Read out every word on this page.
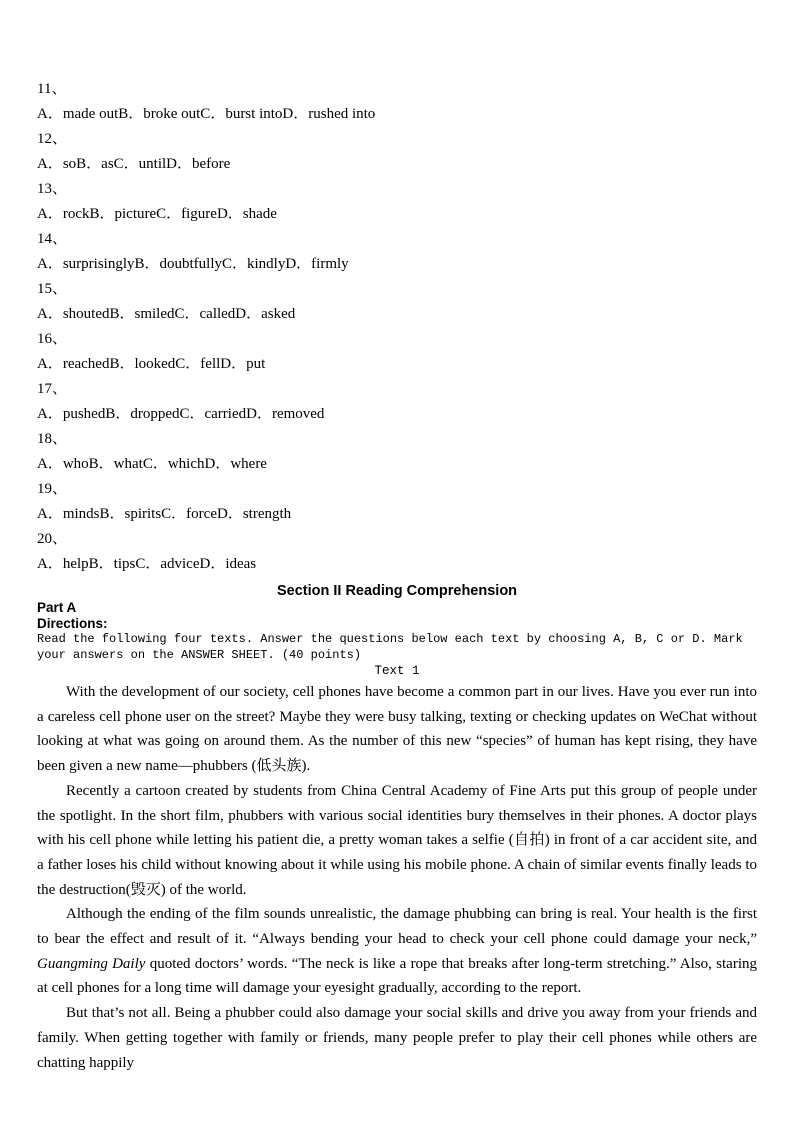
11、
A．made outB．broke outC．burst intoD．rushed into
12、
A．soB．asC．untilD．before
13、
A．rockB．pictureC．figureD．shade
14、
A．surprisinglyB．doubtfullyC．kindlyD．firmly
15、
A．shoutedB．smiledC．calledD．asked
16、
A．reachedB．lookedC．fellD．put
17、
A．pushedB．droppedC．carriedD．removed
18、
A．whoB．whatC．whichD．where
19、
A．mindsB．spiritsC．forceD．strength
20、
A．helpB．tipsC．adviceD．ideas
Section II Reading Comprehension
Part A
Directions:
Read the following four texts. Answer the questions below each text by choosing A, B, C or D. Mark your answers on the ANSWER SHEET. (40 points)
Text 1

With the development of our society, cell phones have become a common part in our lives. Have you ever run into a careless cell phone user on the street? Maybe they were busy talking, texting or checking updates on WeChat without looking at what was going on around them. As the number of this new “species” of human has kept rising, they have been given a new name—phubbers (低头族).

Recently a cartoon created by students from China Central Academy of Fine Arts put this group of people under the spotlight. In the short film, phubbers with various social identities bury themselves in their phones. A doctor plays with his cell phone while letting his patient die, a pretty woman takes a selfie (自拍) in front of a car accident site, and a father loses his child without knowing about it while using his mobile phone. A chain of similar events finally leads to the destruction(毁灭) of the world.

Although the ending of the film sounds unrealistic, the damage phubbing can bring is real. Your health is the first to bear the effect and result of it. “Always bending your head to check your cell phone could damage your neck,” Guangming Daily quoted doctors’ words. “The neck is like a rope that breaks after long-term stretching.” Also, staring at cell phones for a long time will damage your eyesight gradually, according to the report.

But that’s not all. Being a phubber could also damage your social skills and drive you away from your friends and family. When getting together with family or friends, many people prefer to play their cell phones while others are chatting happily
